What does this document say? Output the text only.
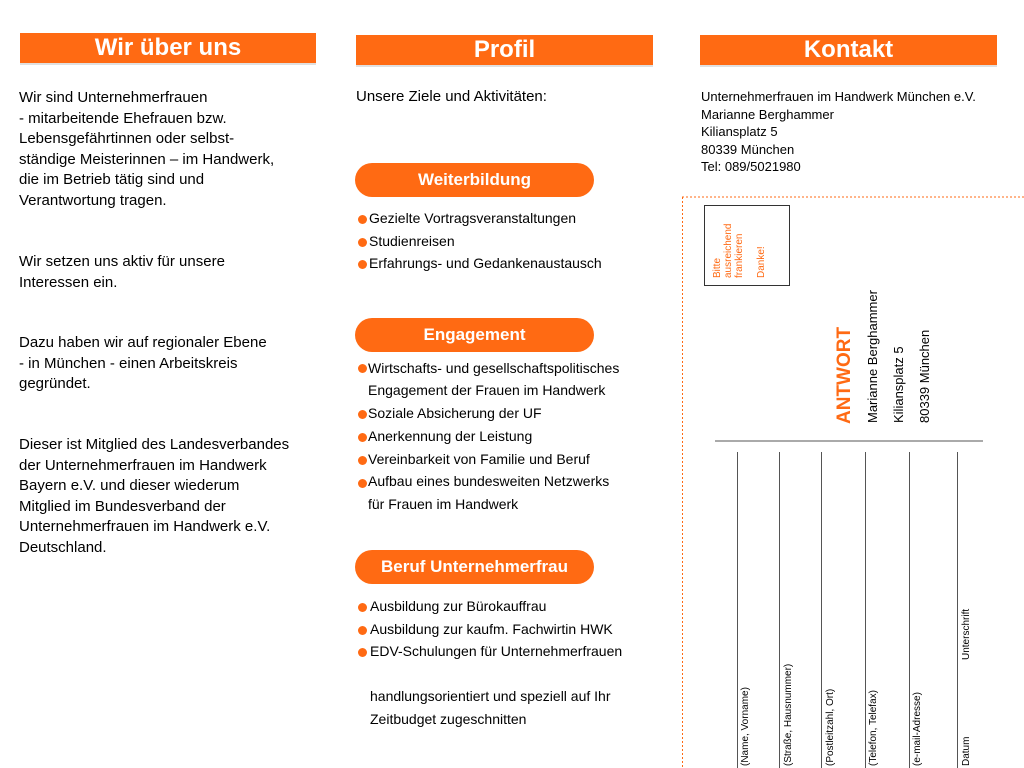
Wir über uns	Profil	Kontakt

Wir sind Unternehmerfrauen
- mitarbeitende Ehefrauen bzw.
Lebensgefährtinnen oder selbst-
ständige Meisterinnen – im Handwerk,
die im Betrieb tätig sind und
Verantwortung tragen.

Wir setzen uns aktiv für unsere
Interessen ein.

Dazu haben wir auf regionaler Ebene
- in München - einen Arbeitskreis
gegründet.

Dieser ist Mitglied des Landesverbandes
der Unternehmerfrauen im Handwerk
Bayern e.V. und dieser wiederum
Mitglied im Bundesverband der
Unternehmerfrauen im Handwerk e.V.
Deutschland.

Unsere Ziele und Aktivitäten:
Weiterbildung
Gezielte Vortragsveranstaltungen
Studienreisen
Erfahrungs- und Gedankenaustausch
Engagement
Wirtschafts- und gesellschaftspolitisches
Engagement der Frauen im Handwerk
Soziale Absicherung der UF
Anerkennung der Leistung
Vereinbarkeit von Familie und Beruf
Aufbau eines bundesweiten Netzwerks
für Frauen im Handwerk
Beruf Unternehmerfrau
Ausbildung zur Bürokauffrau
Ausbildung zur kaufm. Fachwirtin HWK
EDV-Schulungen für Unternehmerfrauen
handlungsorientiert und speziell auf Ihr
Zeitbudget zugeschnitten
Unternehmerfrauen im Handwerk München e.V.
Marianne Berghammer
Kiliansplatz 5
80339 München
Tel: 089/5021980
Bitte
ausreichend
frankieren Danke!
ANTWORT Marianne Berghammer Kiliansplatz 5 80339 München
(Name, Vorname)	(Straße, Hausnummer)	(Postleitzahl, Ort)	(Telefon, Telefax)	(e-mail-Adresse)	Datum
Unterschrift
